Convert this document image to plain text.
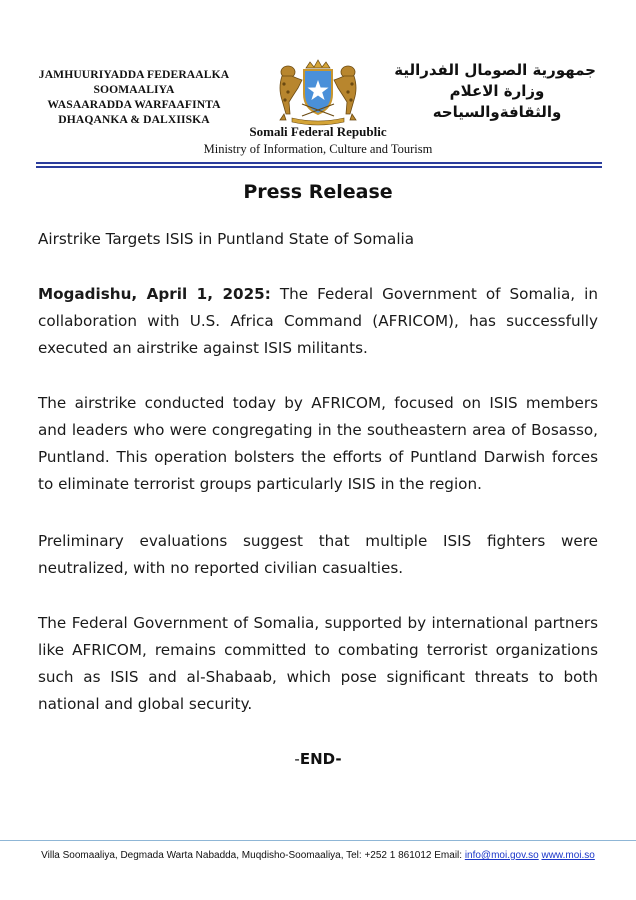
JAMHUURIYADDA FEDERAALKA
SOOMAALIYA
WASAARADDA WARFAAFINTA
DHAQANKA & DALXIISKA
جمهورية الصومال الفدرالية
وزارة الاعلام
والثقافةوالسياحه
Somali Federal Republic
Ministry of Information, Culture and Tourism
Press Release
Airstrike Targets ISIS in Puntland State of Somalia

Mogadishu, April 1, 2025: The Federal Government of Somalia, in collaboration with U.S. Africa Command (AFRICOM), has successfully executed an airstrike against ISIS militants.

The airstrike conducted today by AFRICOM, focused on ISIS members and leaders who were congregating in the southeastern area of Bosasso, Puntland. This operation bolsters the efforts of Puntland Darwish forces to eliminate terrorist groups particularly ISIS in the region.

Preliminary evaluations suggest that multiple ISIS fighters were neutralized, with no reported civilian casualties.

The Federal Government of Somalia, supported by international partners like AFRICOM, remains committed to combating terrorist organizations such as ISIS and al-Shabaab, which pose significant threats to both national and global security.

-END-
Villa Soomaaliya, Degmada Warta Nabadda, Muqdisho-Soomaaliya, Tel: +252 1 861012 Email: info@moi.gov.so www.moi.so
